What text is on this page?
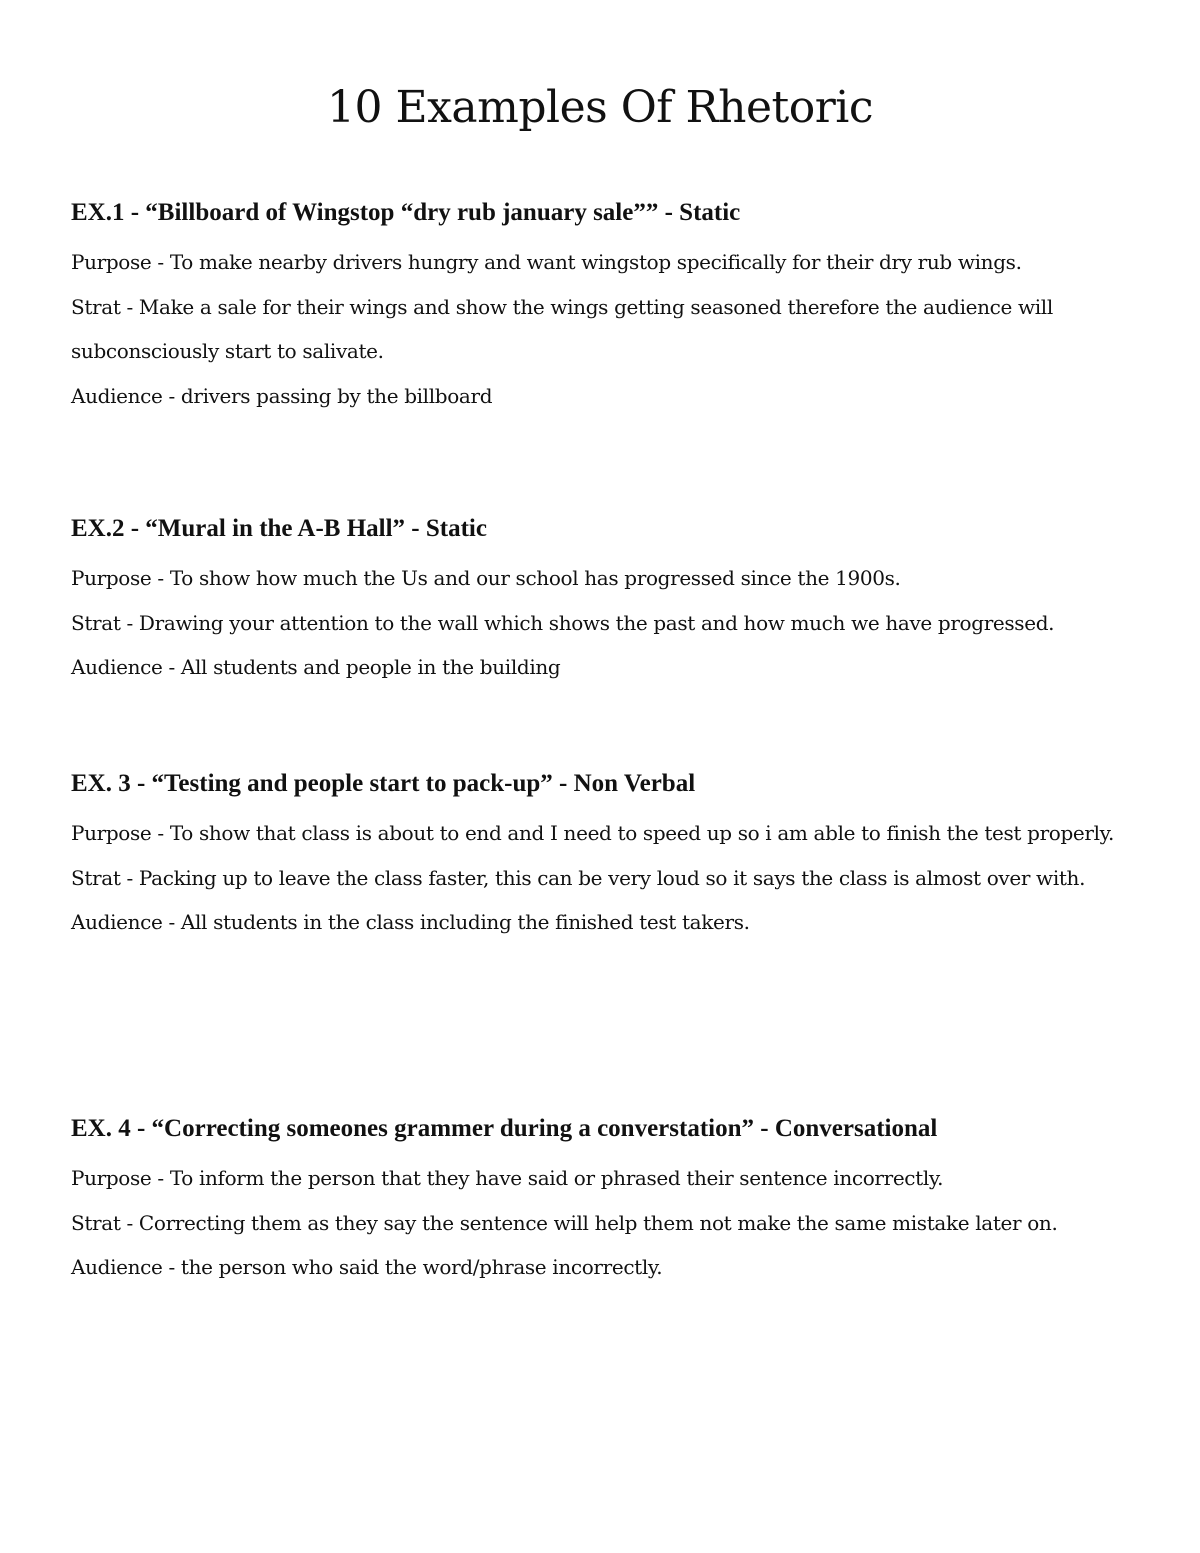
10 Examples Of Rhetoric

EX.1 - “Billboard of Wingstop “dry rub january sale”” - Static

Purpose - To make nearby drivers hungry and want wingstop specifically for their dry rub wings.

Strat - Make a sale for their wings and show the wings getting seasoned therefore the audience will subconsciously start to salivate.

Audience - drivers passing by the billboard

EX.2 - “Mural in the A-B Hall” - Static

Purpose - To show how much the Us and our school has progressed since the 1900s.

Strat - Drawing your attention to the wall which shows the past and how much we have progressed.

Audience - All students and people in the building

EX. 3 - “Testing and people start to pack-up” - Non Verbal

Purpose - To show that class is about to end and I need to speed up so i am able to finish the test properly.

Strat - Packing up to leave the class faster, this can be very loud so it says the class is almost over with.

Audience - All students in the class including the finished test takers.

EX. 4 - “Correcting someones grammer during a converstation” - Conversational

Purpose - To inform the person that they have said or phrased their sentence incorrectly.

Strat - Correcting them as they say the sentence will help them not make the same mistake later on.

Audience - the person who said the word/phrase incorrectly.
